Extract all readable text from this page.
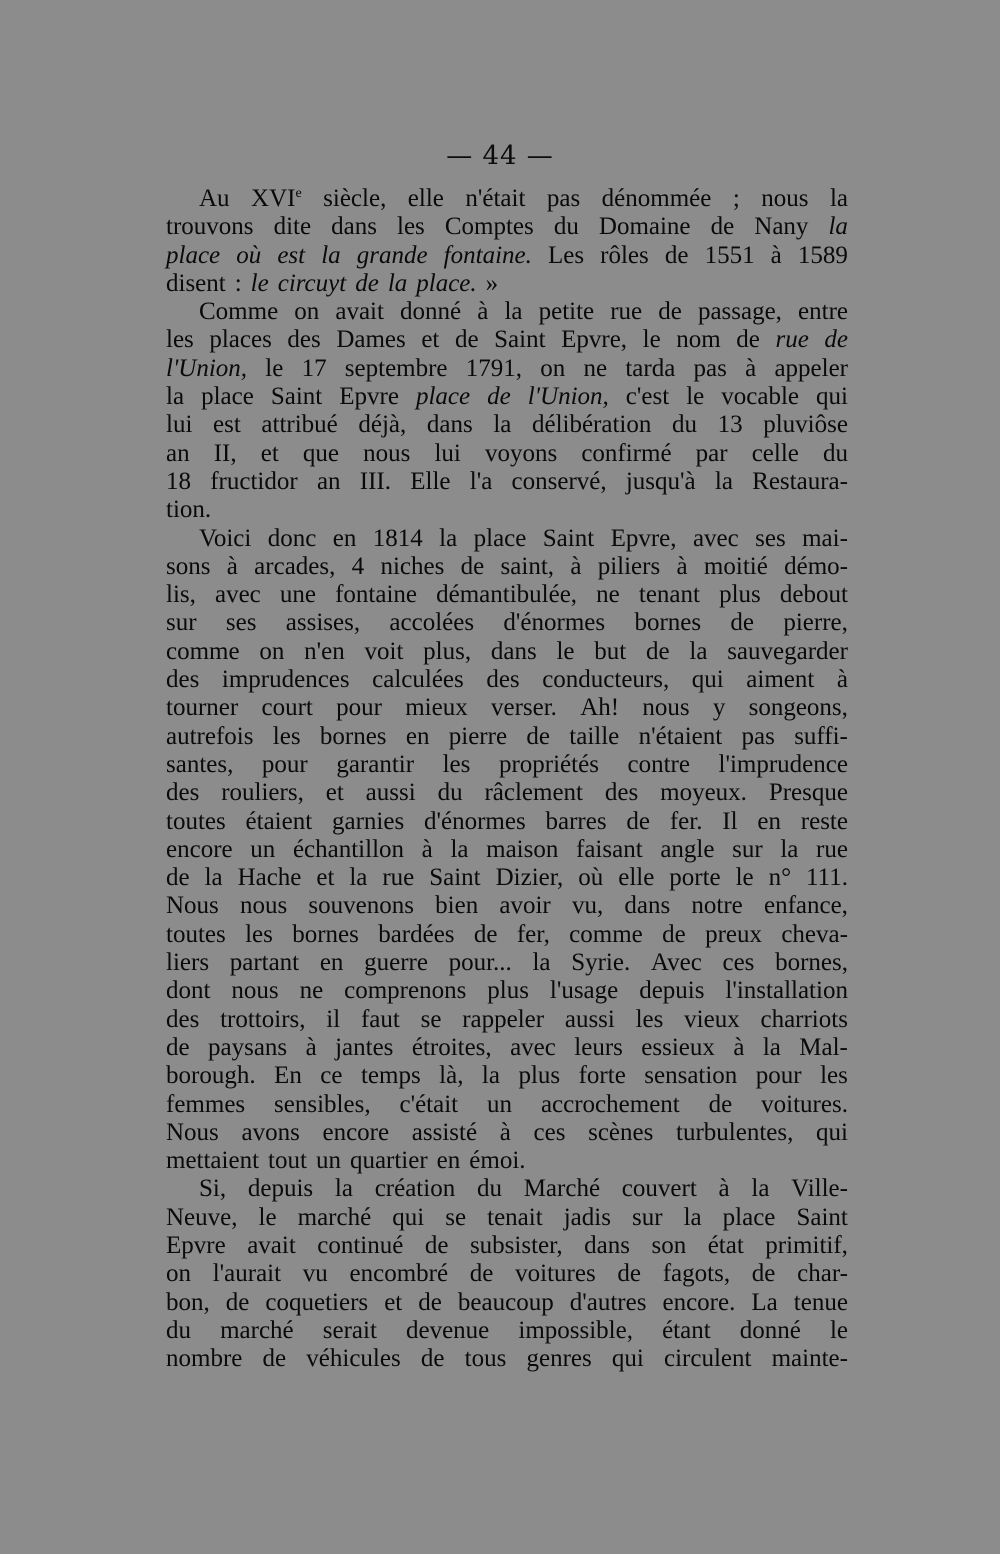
— 44 —
Au XVIe siècle, elle n'était pas dénommée ; nous la
trouvons dite dans les Comptes du Domaine de Nany la
place où est la grande fontaine. Les rôles de 1551 à 1589
disent : le circuyt de la place. »
Comme on avait donné à la petite rue de passage, entre
les places des Dames et de Saint Epvre, le nom de rue de
l'Union, le 17 septembre 1791, on ne tarda pas à appeler
la place Saint Epvre place de l'Union, c'est le vocable qui
lui est attribué déjà, dans la délibération du 13 pluviôse
an II, et que nous lui voyons confirmé par celle du
18 fructidor an III. Elle l'a conservé, jusqu'à la Restaura-
tion.
Voici donc en 1814 la place Saint Epvre, avec ses mai-
sons à arcades, 4 niches de saint, à piliers à moitié démo-
lis, avec une fontaine démantibulée, ne tenant plus debout
sur ses assises, accolées d'énormes bornes de pierre,
comme on n'en voit plus, dans le but de la sauvegarder
des imprudences calculées des conducteurs, qui aiment à
tourner court pour mieux verser. Ah! nous y songeons,
autrefois les bornes en pierre de taille n'étaient pas suffi-
santes, pour garantir les propriétés contre l'imprudence
des rouliers, et aussi du râclement des moyeux. Presque
toutes étaient garnies d'énormes barres de fer. Il en reste
encore un échantillon à la maison faisant angle sur la rue
de la Hache et la rue Saint Dizier, où elle porte le n° 111.
Nous nous souvenons bien avoir vu, dans notre enfance,
toutes les bornes bardées de fer, comme de preux cheva-
liers partant en guerre pour... la Syrie. Avec ces bornes,
dont nous ne comprenons plus l'usage depuis l'installation
des trottoirs, il faut se rappeler aussi les vieux charriots
de paysans à jantes étroites, avec leurs essieux à la Mal-
borough. En ce temps là, la plus forte sensation pour les
femmes sensibles, c'était un accrochement de voitures.
Nous avons encore assisté à ces scènes turbulentes, qui
mettaient tout un quartier en émoi.
Si, depuis la création du Marché couvert à la Ville-
Neuve, le marché qui se tenait jadis sur la place Saint
Epvre avait continué de subsister, dans son état primitif,
on l'aurait vu encombré de voitures de fagots, de char-
bon, de coquetiers et de beaucoup d'autres encore. La tenue
du marché serait devenue impossible, étant donné le
nombre de véhicules de tous genres qui circulent mainte-
